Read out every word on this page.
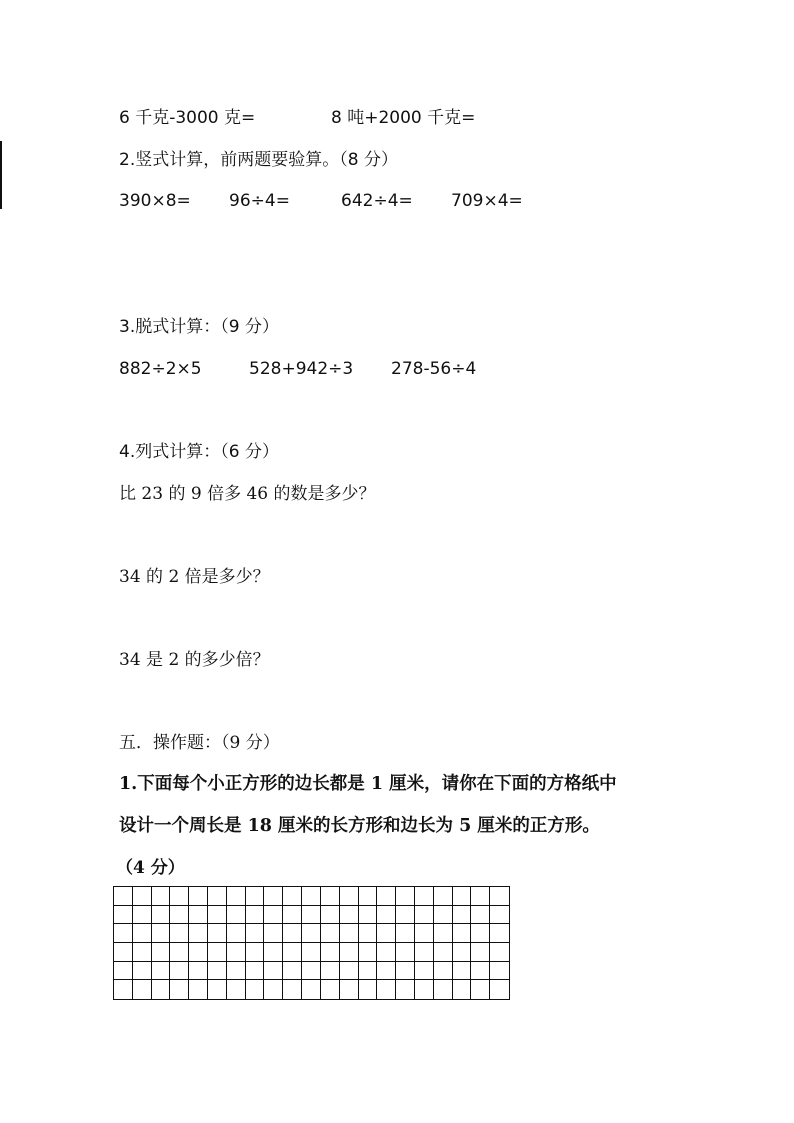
6 千克-3000 克=	8 吨+2000 千克=
2.竖式计算，前两题要验算。（8 分）
390×8= 96÷4=	642÷4= 709×4=
3.脱式计算：（9 分）
882÷2×5	528+942÷3 278-56÷4
4.列式计算：（6 分）
比 23 的 9 倍多 46 的数是多少？
34 的 2 倍是多少？
34 是 2 的多少倍？
五．操作题：（9 分）
1.下面每个小正方形的边长都是 1 厘米，请你在下面的方格纸中
设计一个周长是 18 厘米的长方形和边长为 5 厘米的正方形。
（4 分）
